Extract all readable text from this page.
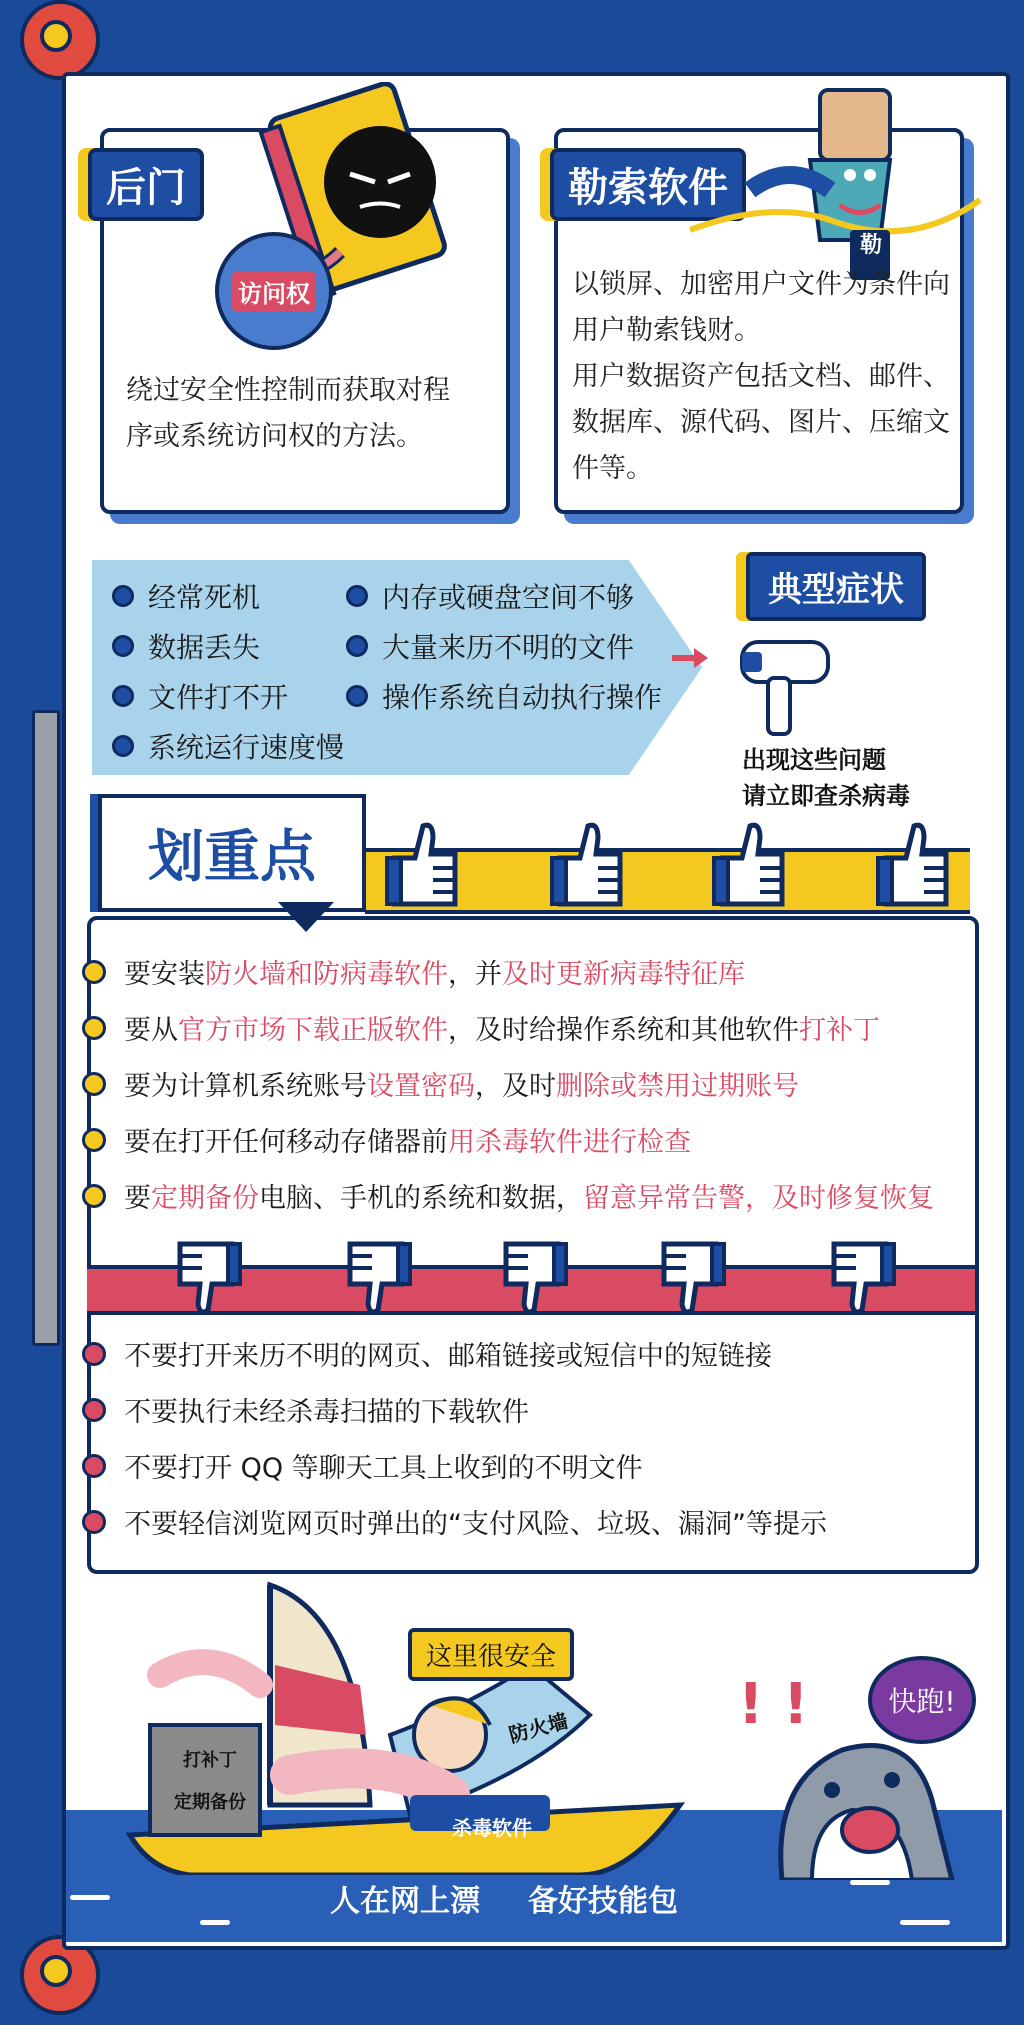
后门
访问权
绕过安全性控制而获取对程
序或系统访问权的方法。
勒索软件
勒
以锁屏、加密用户文件为条件向
用户勒索钱财。
用户数据资产包括文档、邮件、
数据库、源代码、图片、压缩文
件等。
经常死机
数据丢失
文件打不开
系统运行速度慢
内存或硬盘空间不够
大量来历不明的文件
操作系统自动执行操作
典型症状
出现这些问题
请立即查杀病毒
划重点
要安装 防火墙和防病毒软件 ，并 及时更新病毒特征库
要从 官方市场下载正版软件 ，及时给操作系统和其他软件 打补丁
要为计算机系统账号 设置密码 ，及时 删除或禁用过期账号
要在打开任何移动存储器前 用杀毒软件进行检查
要 定期备份 电脑、手机的系统和数据， 留意异常告警，及时修复恢复
不要打开来历不明的网页、邮箱链接或短信中的短链接
不要执行未经杀毒扫描的下载软件
不要打开 QQ 等聊天工具上收到的不明文件
不要轻信浏览网页时弹出的“支付风险、垃圾、漏洞”等提示
这里很安全
打补丁
定期备份
防火墙
杀毒软件
! !	快跑!
人在网上漂 备好技能包
